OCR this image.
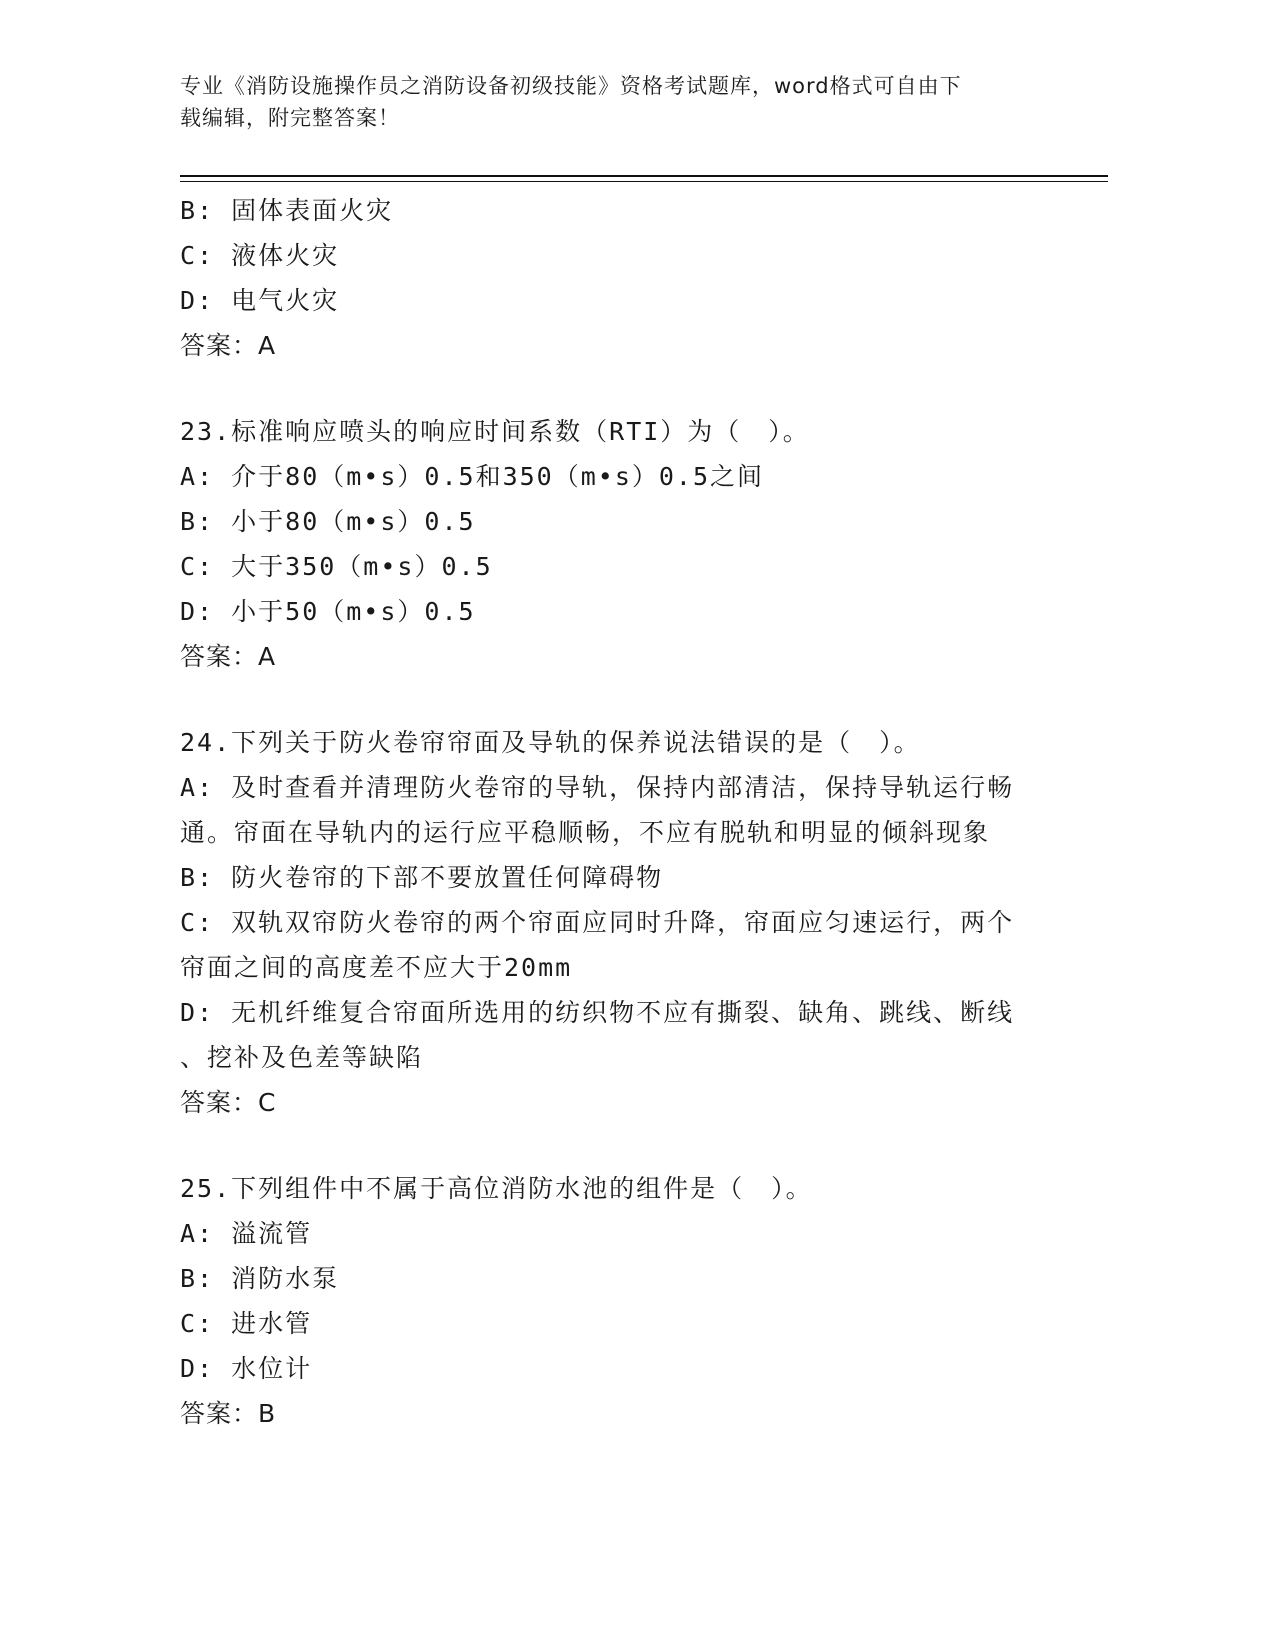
专业《消防设施操作员之消防设备初级技能》资格考试题库，word格式可自由下
载编辑，附完整答案！
B: 固体表面火灾
C: 液体火灾
D: 电气火灾
答案：A
23.标准响应喷头的响应时间系数（RTI）为（　）。
A: 介于80（m•s）0.5和350（m•s）0.5之间
B: 小于80（m•s）0.5
C: 大于350（m•s）0.5
D: 小于50（m•s）0.5
答案：A
24.下列关于防火卷帘帘面及导轨的保养说法错误的是（　）。
A: 及时查看并清理防火卷帘的导轨，保持内部清洁，保持导轨运行畅
通。帘面在导轨内的运行应平稳顺畅，不应有脱轨和明显的倾斜现象
B: 防火卷帘的下部不要放置任何障碍物
C: 双轨双帘防火卷帘的两个帘面应同时升降，帘面应匀速运行，两个
帘面之间的高度差不应大于20mm
D: 无机纤维复合帘面所选用的纺织物不应有撕裂、缺角、跳线、断线
、挖补及色差等缺陷
答案：C
25.下列组件中不属于高位消防水池的组件是（　）。
A: 溢流管
B: 消防水泵
C: 进水管
D: 水位计
答案：B
